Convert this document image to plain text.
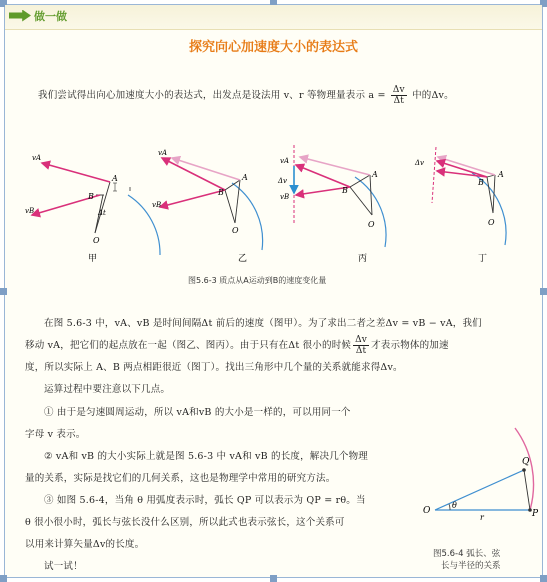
做一做
探究向心加速度大小的表达式
我们尝试得出向心加速度大小的表达式，出发点是设法用 v、r 等物理量表示 $a = \frac{\Delta v}{\Delta t}$ 中的Δv。
A
B
O
Δt
vA
vB
甲
A
B
O
vA
vB
乙
A
B
O
vA
Δv
vB
丙
A
B
O
Δv
丁
图5.6-3 质点从A运动到B的速度变化量
在图 5.6-3 中，vA、vB 是时间间隔Δt 前后的速度（图甲）。为了求出二者之差Δv = vB − vA，我们
移动 vA，把它们的起点放在一起（图乙、图丙）。由于只有在Δt 很小的时候 $\frac{\Delta v}{\Delta t}$ 才表示物体的加速
度，所以实际上 A、B 两点相距很近（图丁）。找出三角形中几个量的关系就能求得Δv。
运算过程中要注意以下几点。
① 由于是匀速圆周运动，所以 vA和vB 的大小是一样的，可以用同一个
字母 v 表示。
② vA和 vB 的大小实际上就是图 5.6-3 中 vA和 vB 的长度，解决几个物理
量的关系，实际是找它们的几何关系，这也是物理学中常用的研究方法。
③ 如图 5.6-4，当角 θ 用弧度表示时，弧长 QP 可以表示为 QP = rθ。当
θ 很小很小时，弧长与弦长没什么区别，所以此式也表示弦长，这个关系可
以用来计算矢量Δv的长度。
试一试！
O	P
Q
r
θ
图5.6-4 弧长、弦
长与半径的关系
